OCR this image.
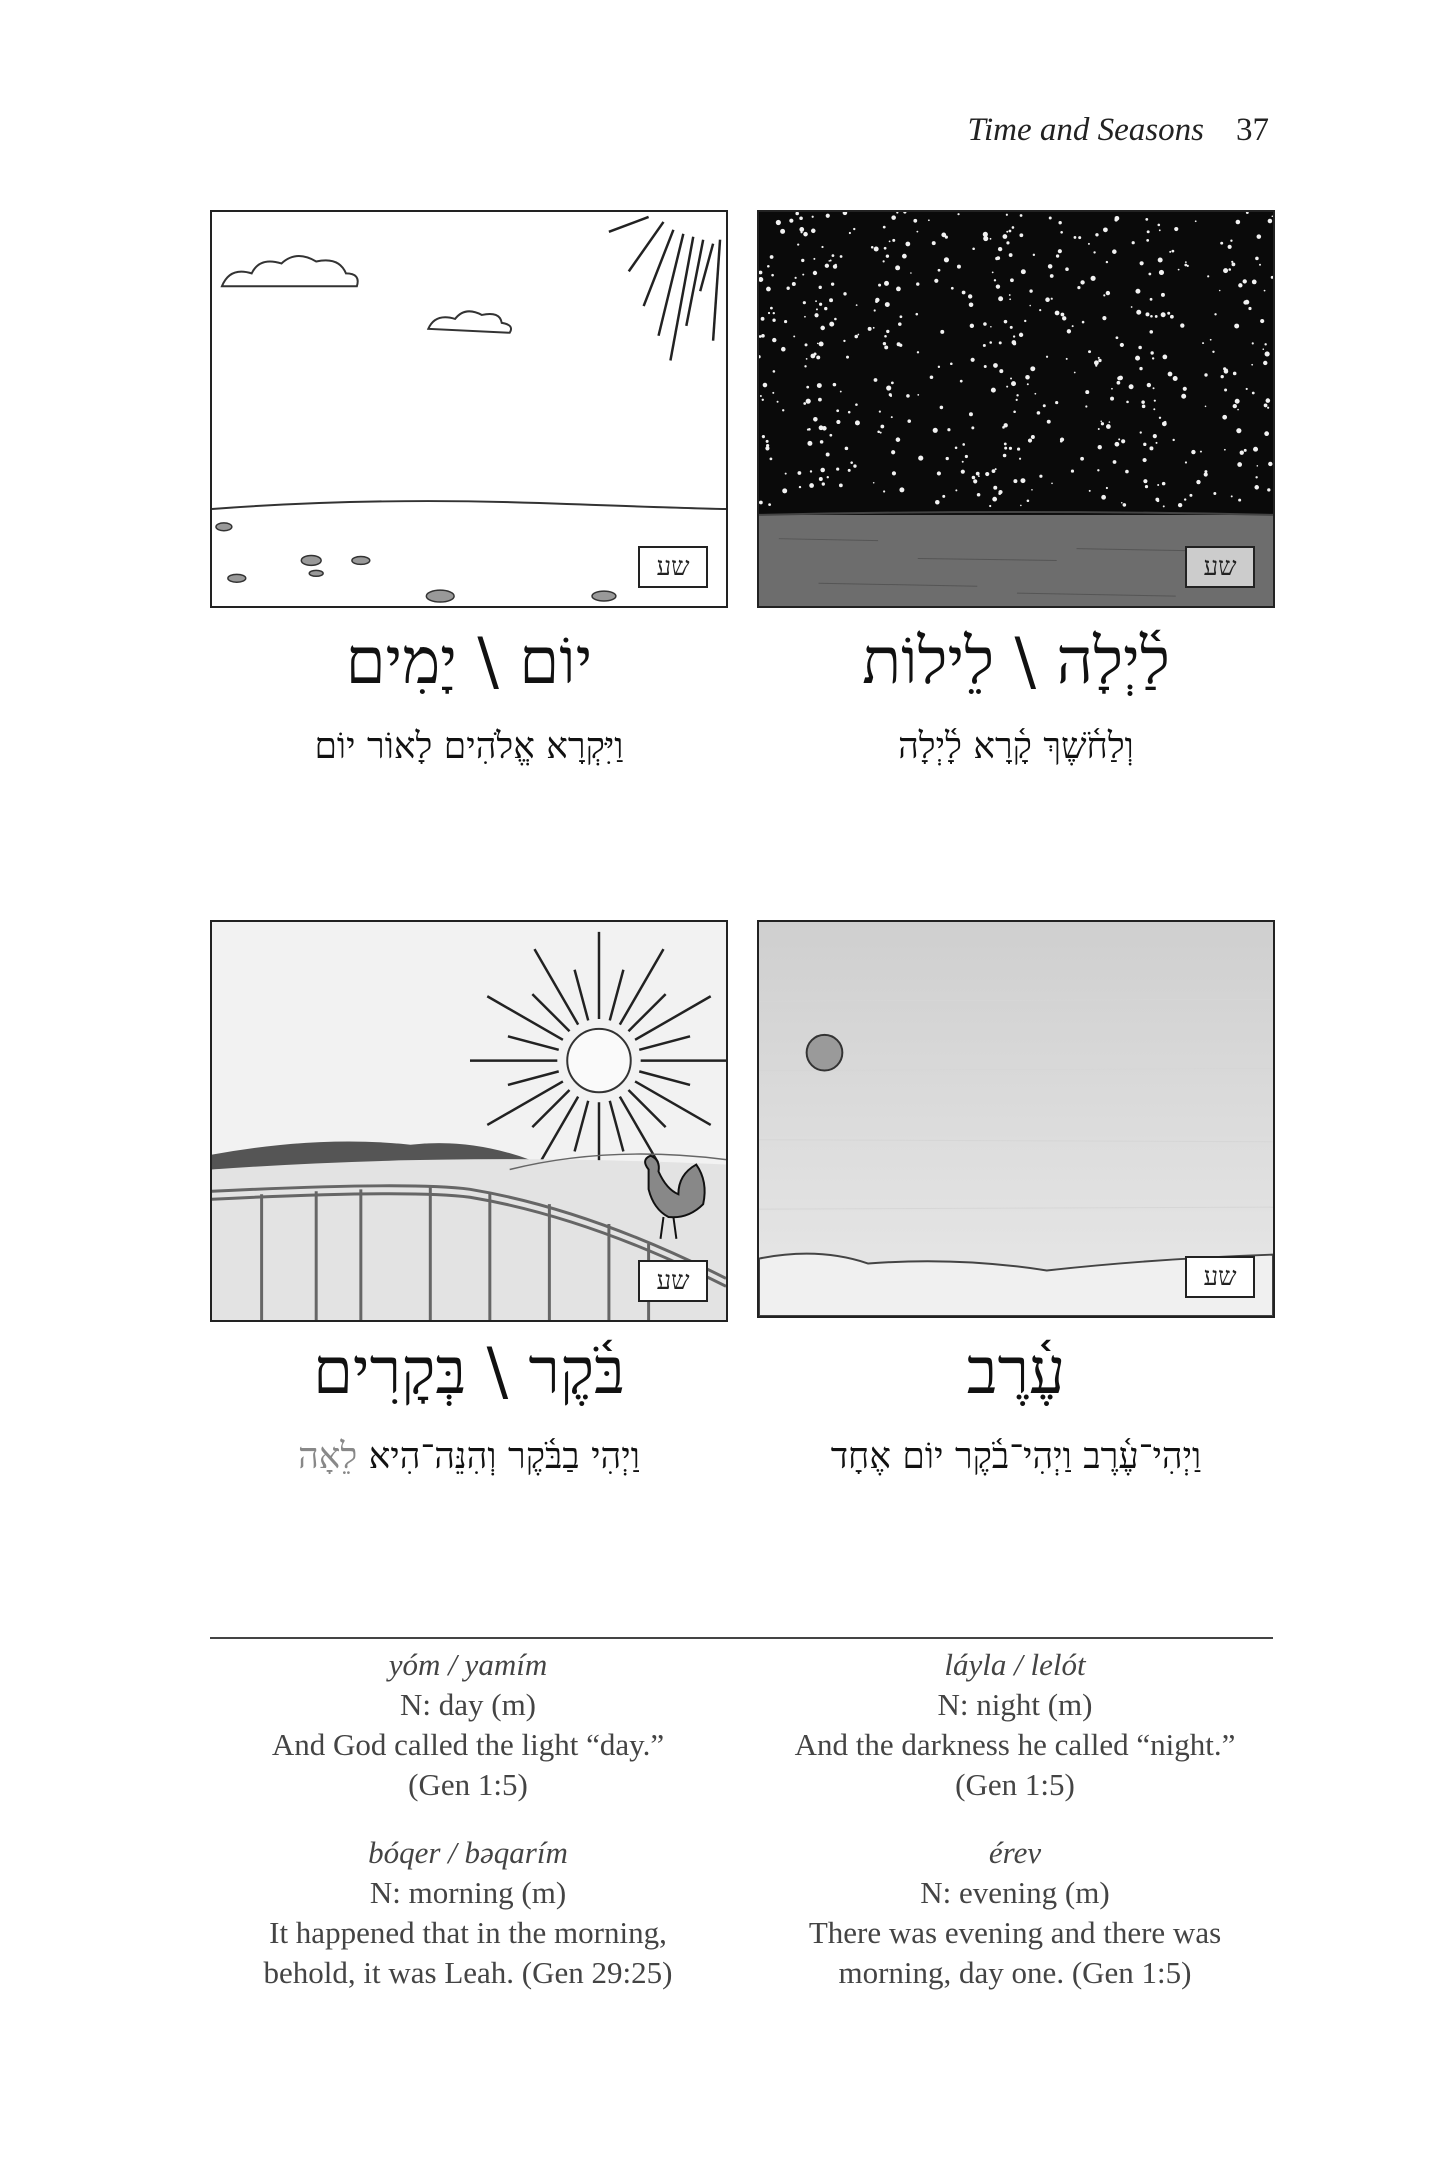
Time and Seasons 37
שע	שע
שע	שע
יוֹם \ יָמִים
וַיִּקְרָא אֱלֹהִים לָאוֹר יוֹם
לַ֫יְלָה \ לֵילוֹת
וְלַחֹ֫שֶׁךְ קָ֫רָא לָ֫יְלָה
בֹּ֫קֶר \ בְּקָרִים
וַיְהִי בַבֹּ֫קֶר וְהִנֵּה־הִיא לֵאָה
עֶ֫רֶב
וַיְהִי־עֶ֫רֶב וַיְהִי־בֹ֫קֶר יוֹם אֶחָד
yóm / yamím
N: day (m)
And God called the light “day.”
(Gen 1:5)
láyla / lelót
N: night (m)
And the darkness he called “night.”
(Gen 1:5)
bóqer / bəqarím
N: morning (m)
It happened that in the morning,
behold, it was Leah. (Gen 29:25)
érev
N: evening (m)
There was evening and there was
morning, day one. (Gen 1:5)
